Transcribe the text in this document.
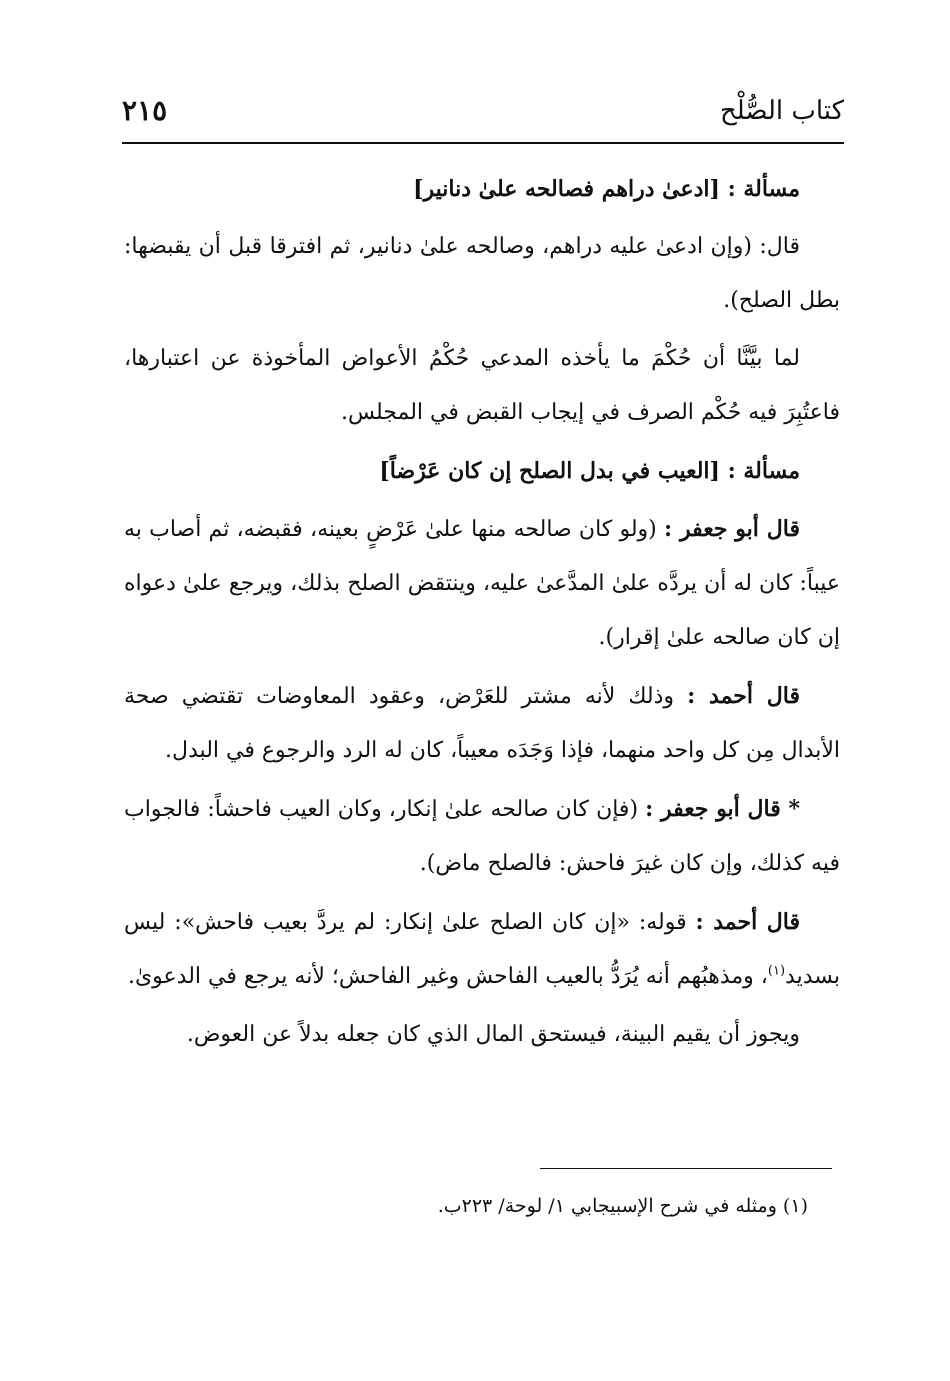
كتاب الصُّلْح
٢١٥

مسألة : [ادعىٰ دراهم فصالحه علىٰ دنانير]

قال: (وإن ادعىٰ عليه دراهم، وصالحه علىٰ دنانير، ثم افترقا قبل أن يقبضها: بطل الصلح).

لما بيَّنَّا أن حُكْمَ ما يأخذه المدعي حُكْمُ الأعواض المأخوذة عن اعتبارها، فاعتُبِرَ فيه حُكْم الصرف في إيجاب القبض في المجلس.

مسألة : [العيب في بدل الصلح إن كان عَرْضاً]

قال أبو جعفر : (ولو كان صالحه منها علىٰ عَرْضٍ بعينه، فقبضه، ثم أصاب به عيباً: كان له أن يردَّه علىٰ المدَّعىٰ عليه، وينتقض الصلح بذلك، ويرجع علىٰ دعواه إن كان صالحه علىٰ إقرار).

قال أحمد : وذلك لأنه مشتر للعَرْض، وعقود المعاوضات تقتضي صحة الأبدال مِن كل واحد منهما، فإذا وَجَدَه معيباً، كان له الرد والرجوع في البدل.

* قال أبو جعفر : (فإن كان صالحه علىٰ إنكار، وكان العيب فاحشاً: فالجواب فيه كذلك، وإن كان غيرَ فاحش: فالصلح ماض).

قال أحمد : قوله: «إن كان الصلح علىٰ إنكار: لم يردَّ بعيب فاحش»: ليس بسديد$^{(١)}$، ومذهبُهم أنه يُرَدُّ بالعيب الفاحش وغير الفاحش؛ لأنه يرجع في الدعوىٰ.

ويجوز أن يقيم البينة، فيستحق المال الذي كان جعله بدلاً عن العوض.

(١) ومثله في شرح الإسبيجابي ١/ لوحة/ ٢٢٣ب.
